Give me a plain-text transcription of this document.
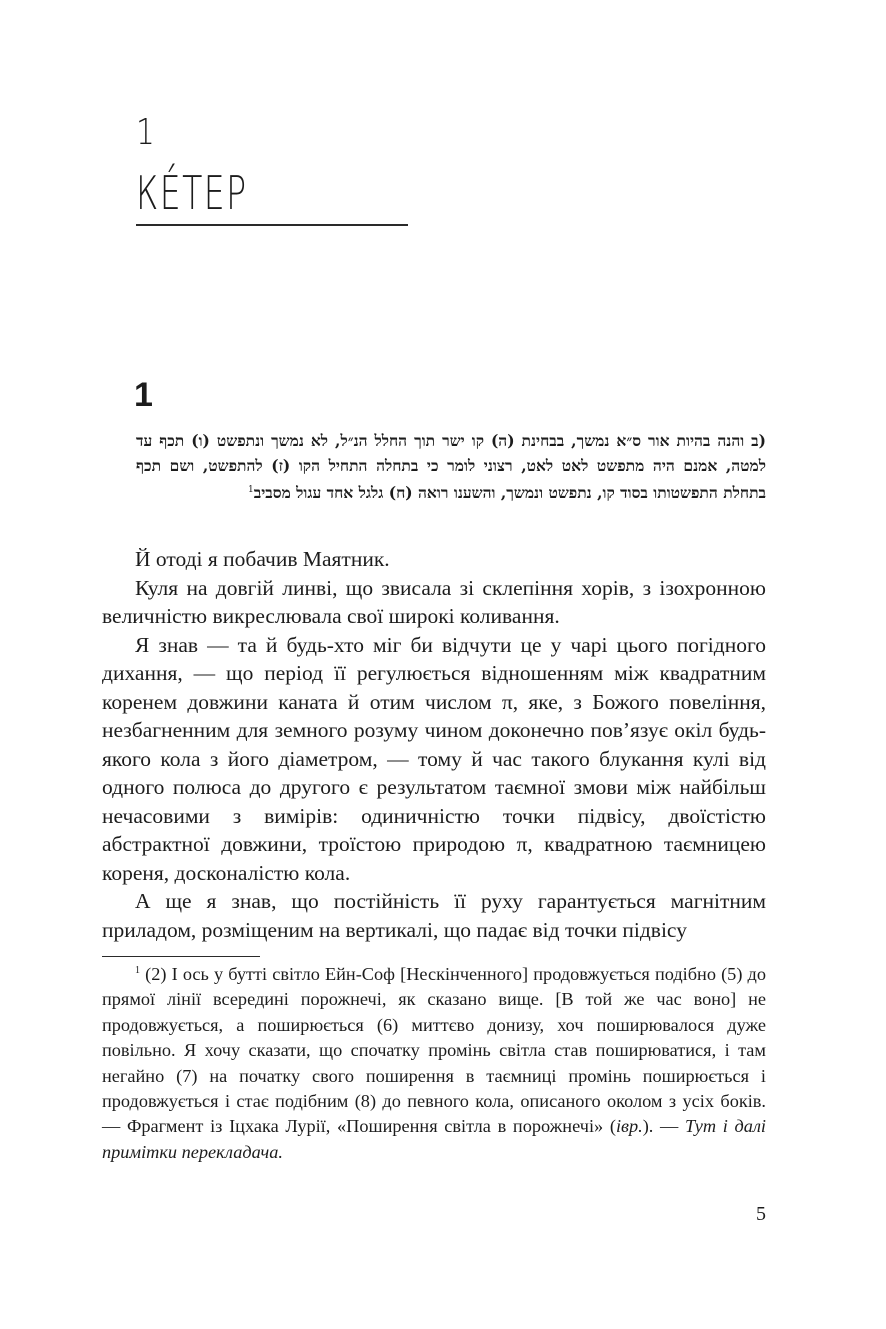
1
КЕ́ТЕР
1
(ב והנה בהיות אור ס״א נמשך, בבחינת (ה) קו ישר תוך החלל הנ״ל, לא נמשך ונתפשט (ו) תכף עד למטה, אמנם היה מתפשט לאט לאט, רצוני לומר כי בתחלה התחיל הקו (ז) להתפשט, ושם תכף בתחלת התפשטותו בסוד קו, נתפשט ונמשך, והשענו רואה (ח) גלגל אחד עגול מסביב$^1$

Й отоді я побачив Маятник.

Куля на довгій линві, що звисала зі склепіння хорів, з ізохронною величністю викреслювала свої широкі коливання.

Я знав — та й будь-хто міг би відчути це у чарі цього погідного дихання, — що період її регулюється відношенням між квадратним коренем довжини каната й отим числом π, яке, з Божого повеління, незбагненним для земного розуму чином доконечно пов’язує окіл будь-якого кола з його діаметром, — тому й час такого блукання кулі від одного полюса до другого є результатом таємної змови між найбільш нечасовими з вимірів: одиничністю точки підвісу, двоїстістю абстрактної довжини, троїстою природою π, квадратною таємницею кореня, досконалістю кола.

А ще я знав, що постійність її руху гарантується магнітним приладом, розміщеним на вертикалі, що падає від точки підвісу

$^1$ (2) І ось у бутті світло Ейн-Соф [Нескінченного] продовжується подібно (5) до прямої лінії всередині порожнечі, як сказано вище. [В той же час воно] не продовжується, а поширюється (6) миттєво донизу, хоч поширювалося дуже повільно. Я хочу сказати, що спочатку промінь світла став поширюватися, і там негайно (7) на початку свого поширення в таємниці промінь поширюється і продовжується і стає подібним (8) до певного кола, описаного околом з усіх боків. — Фрагмент із Іцхака Лурії, «Поширення світла в порожнечі» (івр.). — Тут і далі примітки перекладача.
5
